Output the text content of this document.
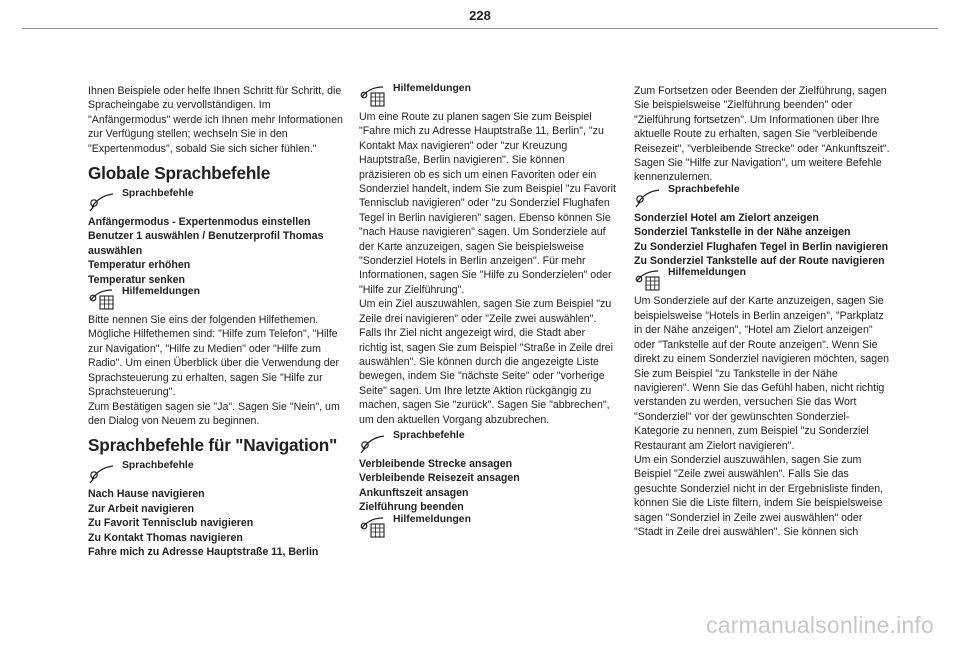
228

Ihnen Beispiele oder helfe Ihnen Schritt für Schritt, die Spracheingabe zu vervollständigen. Im "Anfängermodus" werde ich Ihnen mehr Informationen zur Verfügung stellen; wechseln Sie in den "Expertenmodus", sobald Sie sich sicher fühlen."

Globale Sprachbefehle
Sprachbefehle

Anfängermodus - Expertenmodus einstellen

Benutzer 1 auswählen / Benutzerprofil Thomas auswählen

Temperatur erhöhen

Temperatur senken

Hilfemeldungen

Bitte nennen Sie eins der folgenden Hilfethemen. Mögliche Hilfethemen sind: "Hilfe zum Telefon", "Hilfe zur Navigation", "Hilfe zu Medien" oder "Hilfe zum Radio". Um einen Überblick über die Verwendung der Sprachsteuerung zu erhalten, sagen Sie "Hilfe zur Sprachsteuerung".

Zum Bestätigen sagen sie "Ja". Sagen Sie "Nein", um den Dialog von Neuem zu beginnen.

Sprachbefehle für "Navigation"
Sprachbefehle

Nach Hause navigieren

Zur Arbeit navigieren

Zu Favorit Tennisclub navigieren

Zu Kontakt Thomas navigieren

Fahre mich zu Adresse Hauptstraße 11, Berlin

Hilfemeldungen

Um eine Route zu planen sagen Sie zum Beispiel "Fahre mich zu Adresse Hauptstraße 11, Berlin", "zu Kontakt Max navigieren" oder "zur Kreuzung Hauptstraße, Berlin navigieren". Sie können präzisieren ob es sich um einen Favoriten oder ein Sonderziel handelt, indem Sie zum Beispiel "zu Favorit Tennisclub navigieren" oder "zu Sonderziel Flughafen Tegel in Berlin navigieren" sagen. Ebenso können Sie "nach Hause navigieren" sagen. Um Sonderziele auf der Karte anzuzeigen, sagen Sie beispielsweise "Sonderziel Hotels in Berlin anzeigen". Für mehr Informationen, sagen Sie "Hilfe zu Sonderzielen" oder "Hilfe zur Zielführung".

Um ein Ziel auszuwählen, sagen Sie zum Beispiel "zu Zeile drei navigieren" oder "Zeile zwei auswählen". Falls Ihr Ziel nicht angezeigt wird, die Stadt aber richtig ist, sagen Sie zum Beispiel "Straße in Zeile drei auswählen". Sie können durch die angezeigte Liste bewegen, indem Sie "nächste Seite" oder "vorherige Seite" sagen. Um Ihre letzte Aktion rückgängig zu machen, sagen Sie "zurück". Sagen Sie "abbrechen", um den aktuellen Vorgang abzubrechen.

Sprachbefehle

Verbleibende Strecke ansagen

Verbleibende Reisezeit ansagen

Ankunftszeit ansagen

Zielführung beenden

Hilfemeldungen

Zum Fortsetzen oder Beenden der Zielführung, sagen Sie beispielsweise "Zielführung beenden" oder "Zielführung fortsetzen". Um Informationen über Ihre aktuelle Route zu erhalten, sagen Sie "verbleibende Reisezeit", "verbleibende Strecke" oder "Ankunftszeit". Sagen Sie "Hilfe zur Navigation", um weitere Befehle kennenzulernen.

Sprachbefehle

Sonderziel Hotel am Zielort anzeigen

Sonderziel Tankstelle in der Nähe anzeigen

Zu Sonderziel Flughafen Tegel in Berlin navigieren

Zu Sonderziel Tankstelle auf der Route navigieren

Hilfemeldungen

Um Sonderziele auf der Karte anzuzeigen, sagen Sie beispielsweise "Hotels in Berlin anzeigen", "Parkplatz in der Nähe anzeigen", "Hotel am Zielort anzeigen" oder "Tankstelle auf der Route anzeigen". Wenn Sie direkt zu einem Sonderziel navigieren möchten, sagen Sie zum Beispiel "zu Tankstelle in der Nähe navigieren". Wenn Sie das Gefühl haben, nicht richtig verstanden zu werden, versuchen Sie das Wort "Sonderziel" vor der gewünschten Sonderziel-Kategorie zu nennen, zum Beispiel "zu Sonderziel Restaurant am Zielort navigieren".

Um ein Sonderziel auszuwählen, sagen Sie zum Beispiel "Zeile zwei auswählen". Falls Sie das gesuchte Sonderziel nicht in der Ergebnisliste finden, können Sie die Liste filtern, indem Sie beispielsweise sagen "Sonderziel in Zeile zwei auswählen" oder "Stadt in Zeile drei auswählen". Sie können sich

carmanualsonline.info
